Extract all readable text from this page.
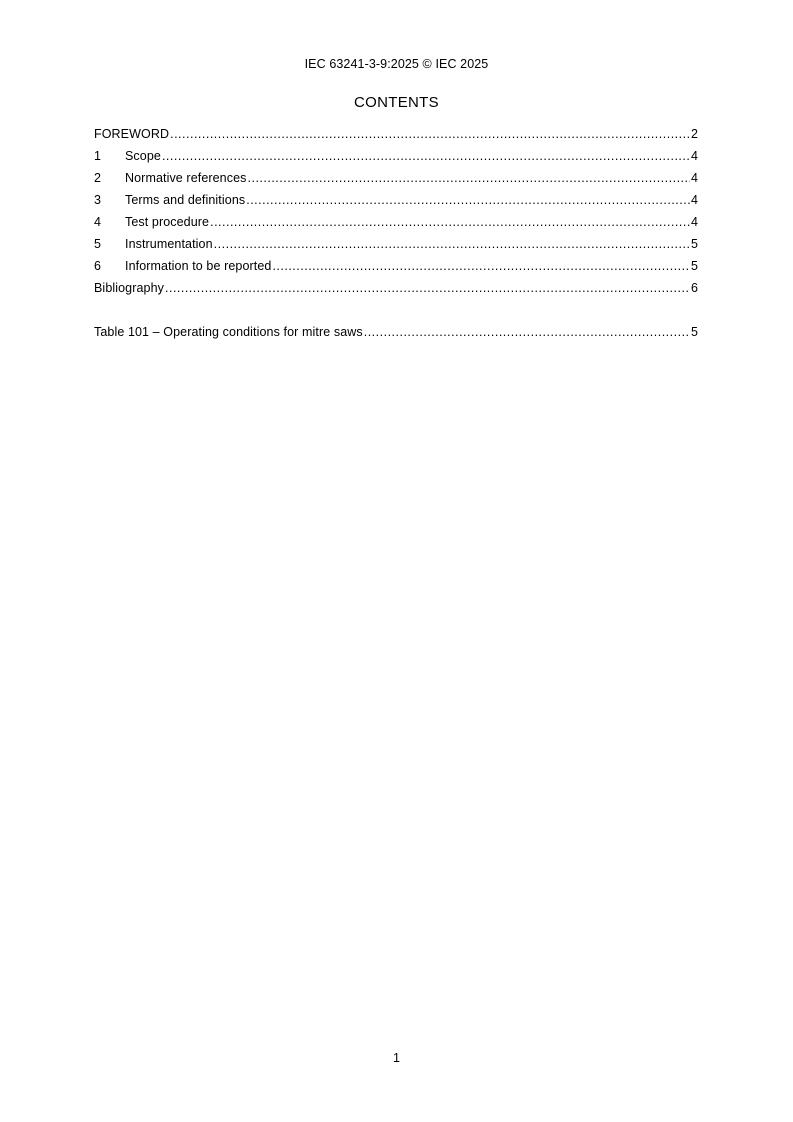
IEC 63241-3-9:2025 © IEC 2025
CONTENTS
FOREWORD .....	2
1	Scope .....	4
2	Normative references .....	4
3	Terms and definitions .....	4
4	Test procedure .....	4
5	Instrumentation .....	5
6	Information to be reported .....	5
Bibliography .....	6
Table 101 – Operating conditions for mitre saws .....	5
1
